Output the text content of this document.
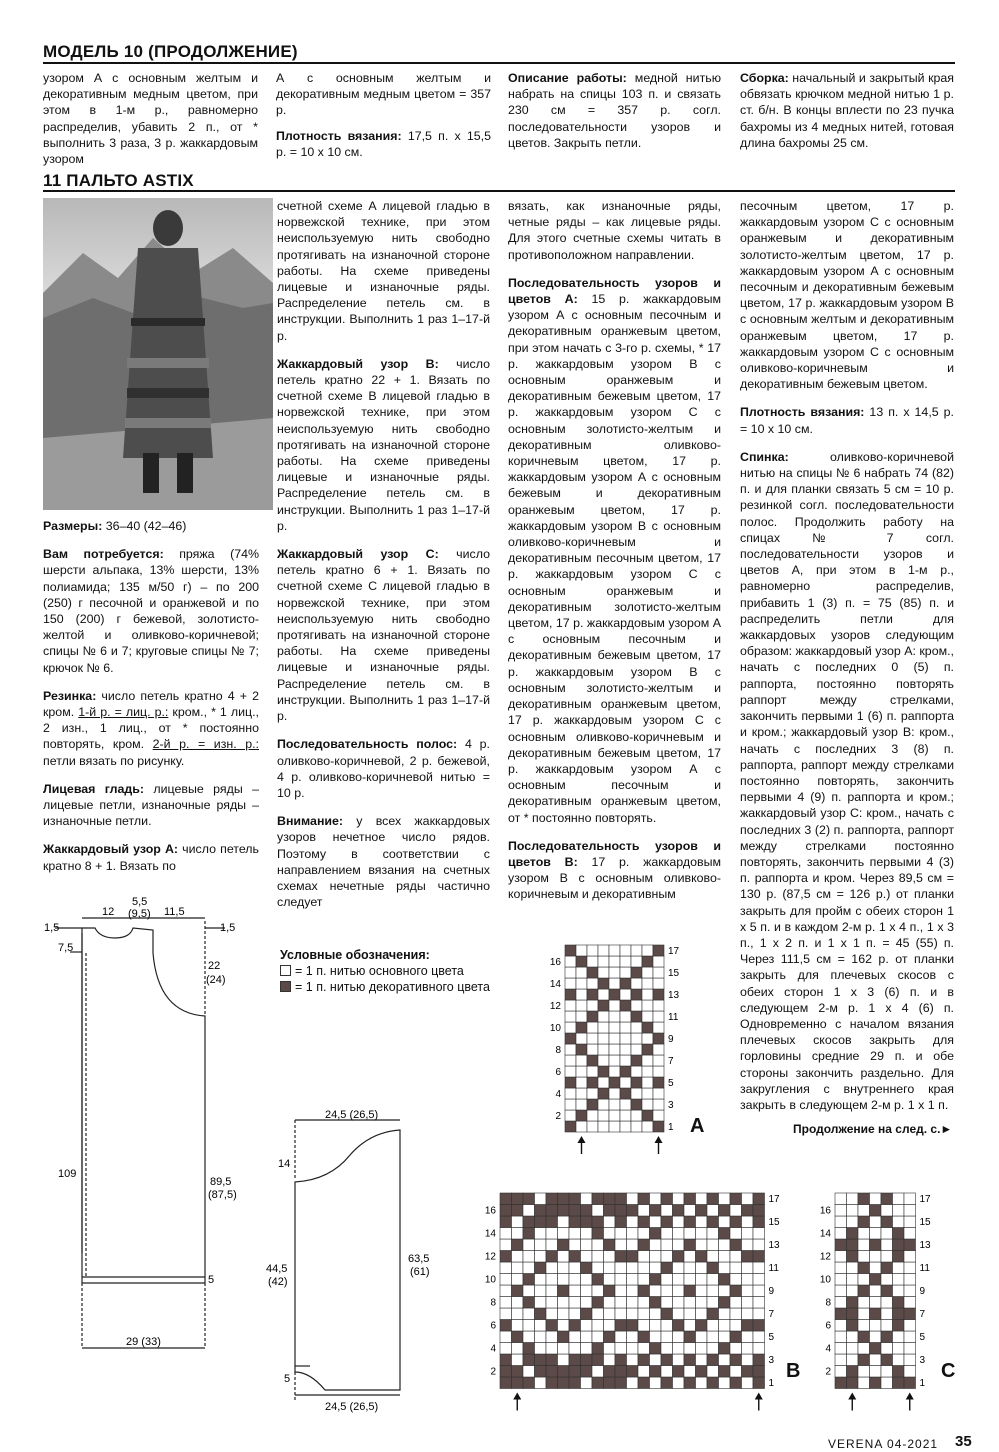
МОДЕЛЬ 10 (ПРОДОЛЖЕНИЕ)
11 ПАЛЬТО ASTIX

узором А с основным желтым и декоративным медным цветом, при этом в 1-м р., равномерно распределив, убавить 2 п., от * выполнить 3 раза, 3 р. жаккардовым узором

А с основным желтым и декоративным медным цветом = 357 р.

Плотность вязания: 17,5 п. х 15,5 р. = 10 х 10 см.

Описание работы: медной нитью набрать на спицы 103 п. и связать 230 см = 357 р. согл. последовательности узоров и цветов. Закрыть петли.

Сборка: начальный и закрытый края обвязать крючком медной нитью 1 р. ст. б/н. В концы вплести по 23 пучка бахромы из 4 медных нитей, готовая длина бахромы 25 см.

Размеры: 36–40 (42–46)

Вам потребуется: пряжа (74% шерсти альпака, 13% шерсти, 13% полиамида; 135 м/50 г) – по 200 (250) г песочной и оранжевой и по 150 (200) г бежевой, золотисто-желтой и оливково-коричневой; спицы № 6 и 7; круговые спицы № 7; крючок № 6.

Резинка: число петель кратно 4 + 2 кром. 1-й р. = лиц. р.: кром., * 1 лиц., 2 изн., 1 лиц., от * постоянно повторять, кром. 2-й р. = изн. р.: петли вязать по рисунку.

Лицевая гладь: лицевые ряды – лицевые петли, изнаночные ряды – изнаночные петли.

Жаккардовый узор А: число петель кратно 8 + 1. Вязать по

счетной схеме А лицевой гладью в норвежской технике, при этом неиспользуемую нить свободно протягивать на изнаночной стороне работы. На схеме приведены лицевые и изнаночные ряды. Распределение петель см. в инструкции. Выполнить 1 раз 1–17-й р.

Жаккардовый узор В: число петель кратно 22 + 1. Вязать по счетной схеме В лицевой гладью в норвежской технике, при этом неиспользуемую нить свободно протягивать на изнаночной стороне работы. На схеме приведены лицевые и изнаночные ряды. Распределение петель см. в инструкции. Выполнить 1 раз 1–17-й р.

Жаккардовый узор С: число петель кратно 6 + 1. Вязать по счетной схеме С лицевой гладью в норвежской технике, при этом неиспользуемую нить свободно протягивать на изнаночной стороне работы. На схеме приведены лицевые и изнаночные ряды. Распределение петель см. в инструкции. Выполнить 1 раз 1–17-й р.

Последовательность полос: 4 р. оливково-коричневой, 2 р. бежевой, 4 р. оливково-коричневой нитью = 10 р.

Внимание: у всех жаккардовых узоров нечетное число рядов. Поэтому в соответствии с направлением вязания на счетных схемах нечетные ряды частично следует

вязать, как изнаночные ряды, четные ряды – как лицевые ряды. Для этого счетные схемы читать в противоположном направлении.

Последовательность узоров и цветов А: 15 р. жаккардовым узором А с основным песочным и декоративным оранжевым цветом, при этом начать с 3-го р. схемы, * 17 р. жаккардовым узором В с основным оранжевым и декоративным бежевым цветом, 17 р. жаккардовым узором С с основным золотисто-желтым и декоративным оливково-коричневым цветом, 17 р. жаккардовым узором А с основным бежевым и декоративным оранжевым цветом, 17 р. жаккардовым узором В с основным оливково-коричневым и декоративным песочным цветом, 17 р. жаккардовым узором С с основным оранжевым и декоративным золотисто-желтым цветом, 17 р. жаккардовым узором А с основным песочным и декоративным бежевым цветом, 17 р. жаккардовым узором В с основным золотисто-желтым и декоративным оранжевым цветом, 17 р. жаккардовым узором С с основным оливково-коричневым и декоративным бежевым цветом, 17 р. жаккардовым узором А с основным песочным и декоративным оранжевым цветом, от * постоянно повторять.

Последовательность узоров и цветов В: 17 р. жаккардовым узором В с основным оливково-коричневым и декоративным

песочным цветом, 17 р. жаккардовым узором С с основным оранжевым и декоративным золотисто-желтым цветом, 17 р. жаккардовым узором А с основным песочным и декоративным бежевым цветом, 17 р. жаккардовым узором В с основным желтым и декоративным оранжевым цветом, 17 р. жаккардовым узором С с основным оливково-коричневым и декоративным бежевым цветом.

Плотность вязания: 13 п. х 14,5 р. = 10 х 10 см.

Спинка: оливково-коричневой нитью на спицы № 6 набрать 74 (82) п. и для планки связать 5 см = 10 р. резинкой согл. последовательности полос. Продолжить работу на спицах № 7 согл. последовательности узоров и цветов А, при этом в 1-м р., равномерно распределив, прибавить 1 (3) п. = 75 (85) п. и распределить петли для жаккардовых узоров следующим образом: жаккардовый узор А: кром., начать с последних 0 (5) п. раппорта, постоянно повторять раппорт между стрелками, закончить первыми 1 (6) п. раппорта и кром.; жаккардовый узор В: кром., начать с последних 3 (8) п. раппорта, раппорт между стрелками постоянно повторять, закончить первыми 4 (9) п. раппорта и кром.; жаккардовый узор С: кром., начать с последних 3 (2) п. раппорта, раппорт между стрелками постоянно повторять, закончить первыми 4 (3) п. раппорта и кром. Через 89,5 см = 130 р. (87,5 см = 126 р.) от планки закрыть для пройм с обеих сторон 1 х 5 п. и в каждом 2-м р. 1 х 4 п., 1 х 3 п., 1 х 2 п. и 1 х 1 п. = 45 (55) п. Через 111,5 см = 162 р. от планки закрыть для плечевых скосов с обеих сторон 1 х 3 (6) п. и в следующем 2-м р. 1 х 4 (6) п. Одновременно с началом вязания плечевых скосов закрыть для горловины средние 29 п. и обе стороны закончить раздельно. Для закругления с внутреннего края закрыть в следующем 2-м р. 1 х 1 п.

Продолжение на след. с.►
Условные обозначения:
= 1 п. нитью основного цвета
= 1 п. нитью декоративного цвета
12
5,5
(9,5) 11,5
1,5	1,5
7,5
22
(24)
109
89,5
(87,5)
5
29 (33)
24,5 (26,5)
14
44,5
(42)
63,5
(61)
5
24,5 (26,5)
16
14
12
10
8
6
4
2
17
15
13
11
9
7
5
3
1 A
16
14
12
10
8
6
4
2
17
15
13
11
9
7
5
3
1
B
16
14
12
10
8
6
4
2
17
15
13
11
9
7
5
3
1
C
VERENA 04-2021 35
